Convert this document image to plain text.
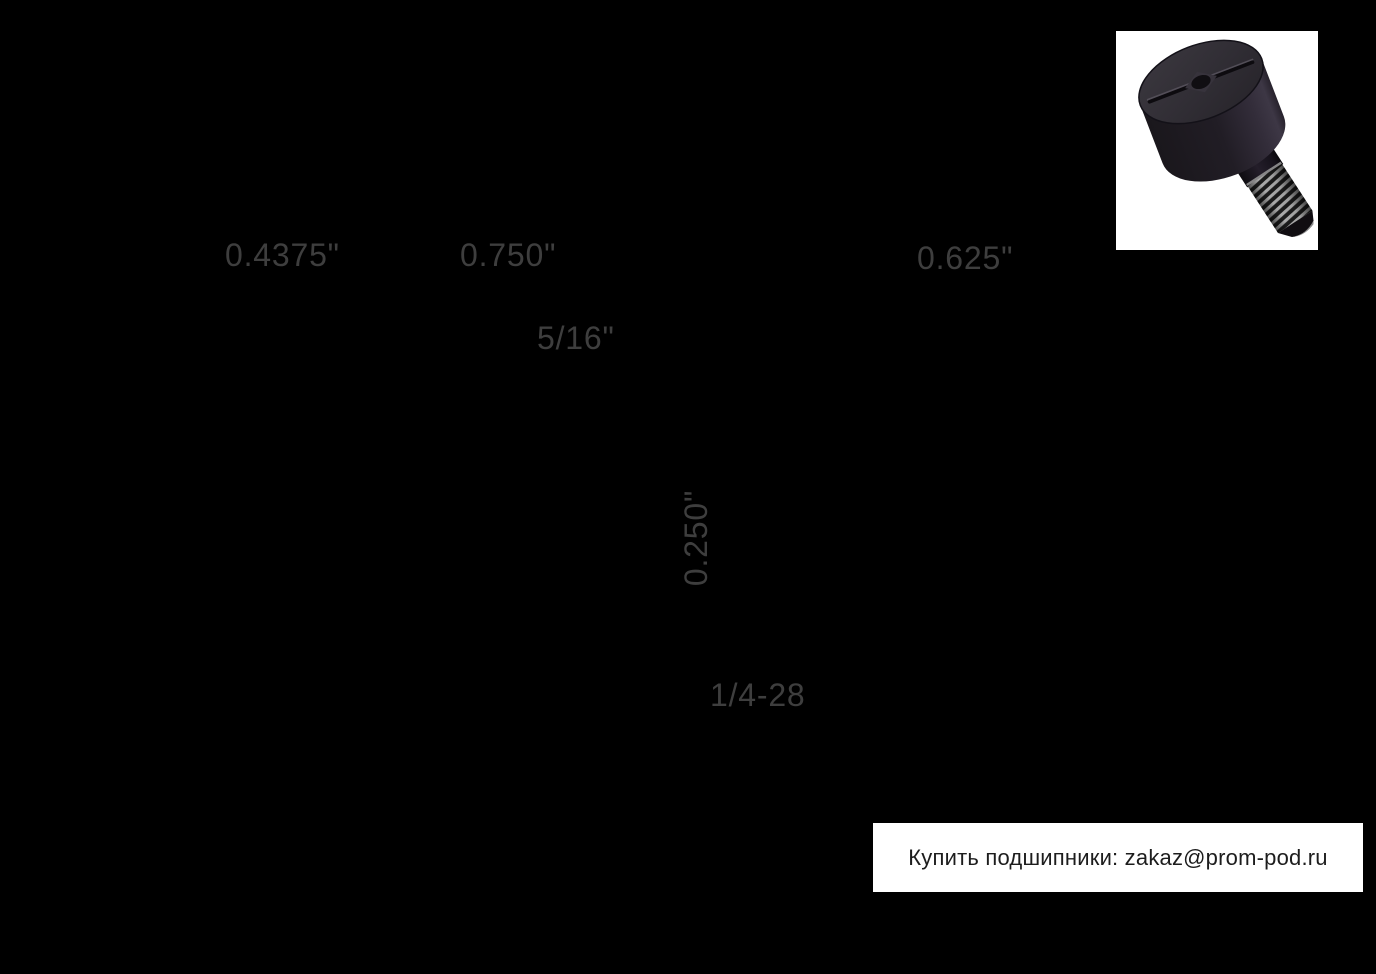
0.4375"	0.750"	0.625"
5/16"
0.250"
1/4-28
Купить подшипники: zakaz@prom-pod.ru
